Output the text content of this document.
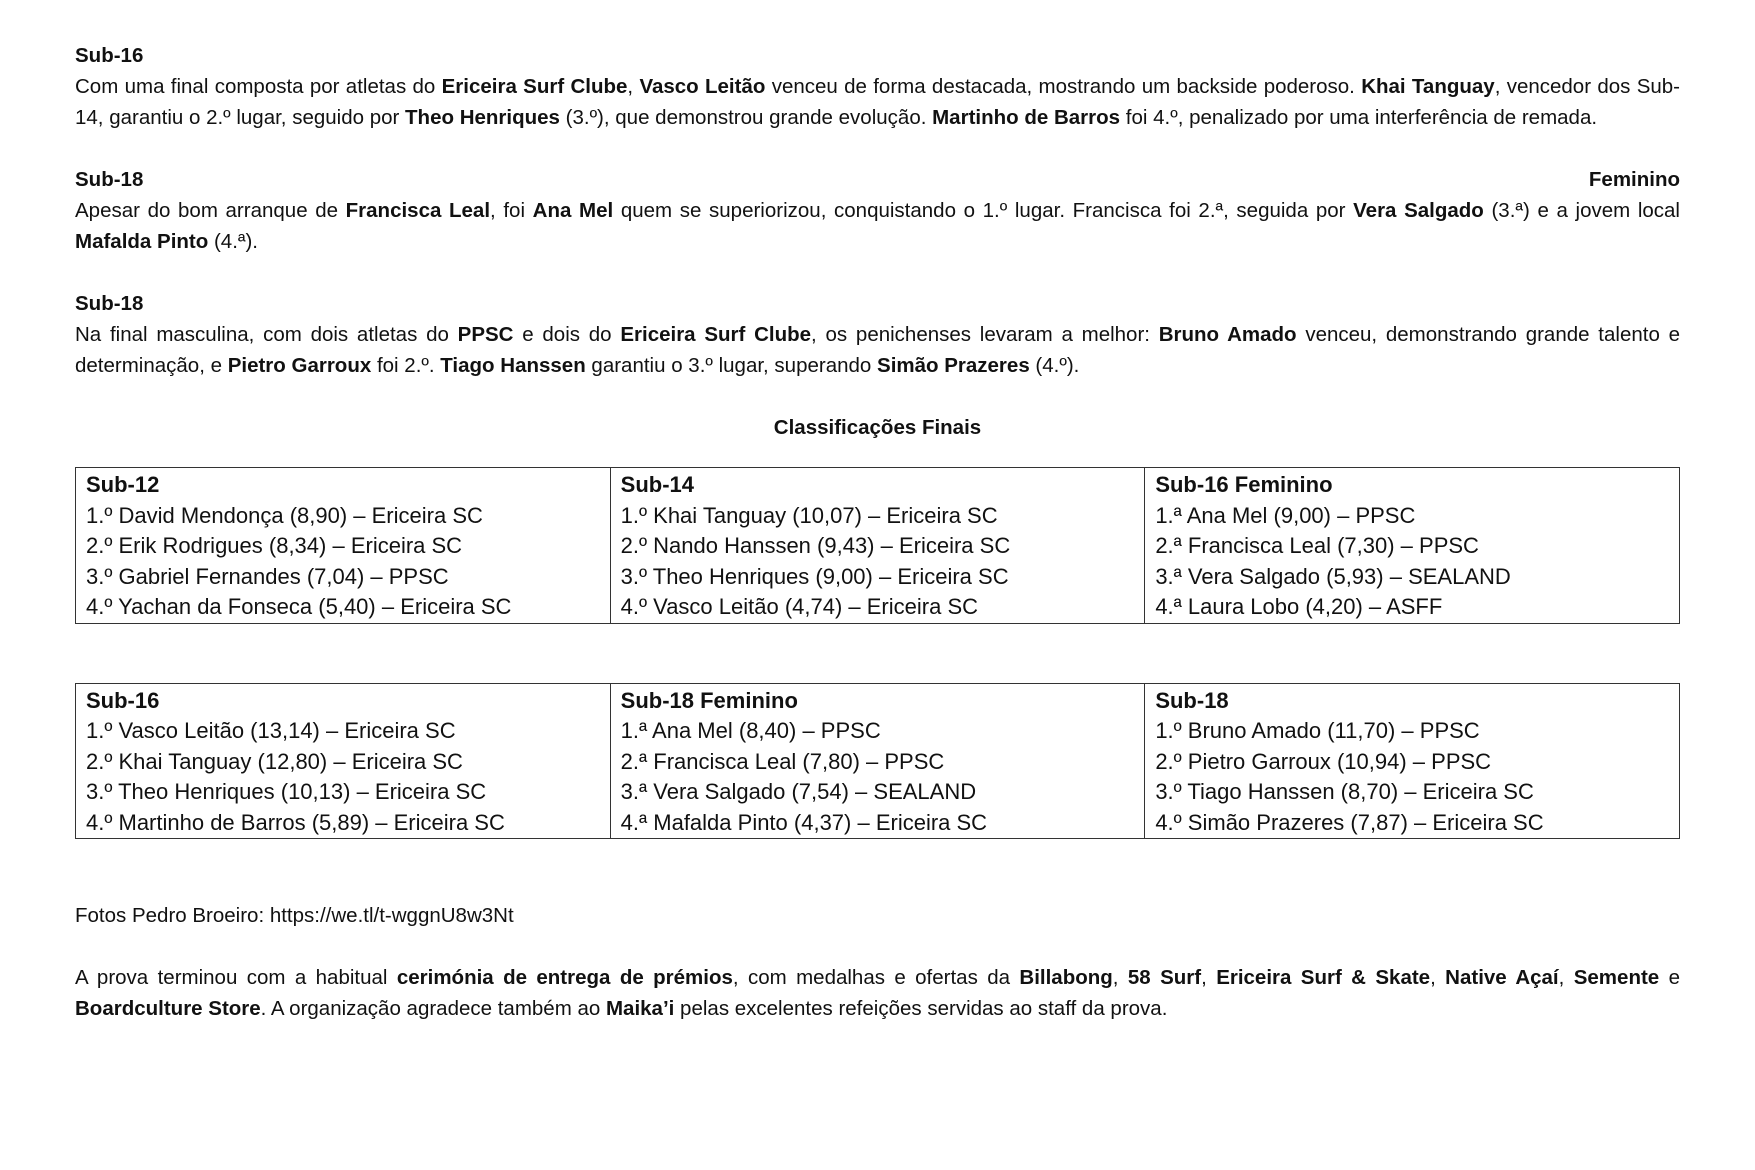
Sub-16
Com uma final composta por atletas do Ericeira Surf Clube, Vasco Leitão venceu de forma destacada, mostrando um backside poderoso. Khai Tanguay, vencedor dos Sub-14, garantiu o 2.º lugar, seguido por Theo Henriques (3.º), que demonstrou grande evolução. Martinho de Barros foi 4.º, penalizado por uma interferência de remada.
Sub-18	Feminino
Apesar do bom arranque de Francisca Leal, foi Ana Mel quem se superiorizou, conquistando o 1.º lugar. Francisca foi 2.ª, seguida por Vera Salgado (3.ª) e a jovem local Mafalda Pinto (4.ª).
Sub-18
Na final masculina, com dois atletas do PPSC e dois do Ericeira Surf Clube, os penichenses levaram a melhor: Bruno Amado venceu, demonstrando grande talento e determinação, e Pietro Garroux foi 2.º. Tiago Hanssen garantiu o 3.º lugar, superando Simão Prazeres (4.º).
Classificações Finais
Sub-12
1.º David Mendonça (8,90) – Ericeira SC
2.º Erik Rodrigues (8,34) – Ericeira SC
3.º Gabriel Fernandes (7,04) – PPSC
4.º Yachan da Fonseca (5,40) – Ericeira SC

Sub-14
1.º Khai Tanguay (10,07) – Ericeira SC
2.º Nando Hanssen (9,43) – Ericeira SC
3.º Theo Henriques (9,00) – Ericeira SC
4.º Vasco Leitão (4,74) – Ericeira SC

Sub-16 Feminino
1.ª Ana Mel (9,00) – PPSC
2.ª Francisca Leal (7,30) – PPSC
3.ª Vera Salgado (5,93) – SEALAND
4.ª Laura Lobo (4,20) – ASFF
Sub-16
1.º Vasco Leitão (13,14) – Ericeira SC
2.º Khai Tanguay (12,80) – Ericeira SC
3.º Theo Henriques (10,13) – Ericeira SC
4.º Martinho de Barros (5,89) – Ericeira SC

Sub-18 Feminino
1.ª Ana Mel (8,40) – PPSC
2.ª Francisca Leal (7,80) – PPSC
3.ª Vera Salgado (7,54) – SEALAND
4.ª Mafalda Pinto (4,37) – Ericeira SC

Sub-18
1.º Bruno Amado (11,70) – PPSC
2.º Pietro Garroux (10,94) – PPSC
3.º Tiago Hanssen (8,70) – Ericeira SC
4.º Simão Prazeres (7,87) – Ericeira SC
Fotos Pedro Broeiro: https://we.tl/t-wggnU8w3Nt
A prova terminou com a habitual cerimónia de entrega de prémios, com medalhas e ofertas da Billabong, 58 Surf, Ericeira Surf & Skate, Native Açaí, Semente e Boardculture Store. A organização agradece também ao Maika’i pelas excelentes refeições servidas ao staff da prova.
